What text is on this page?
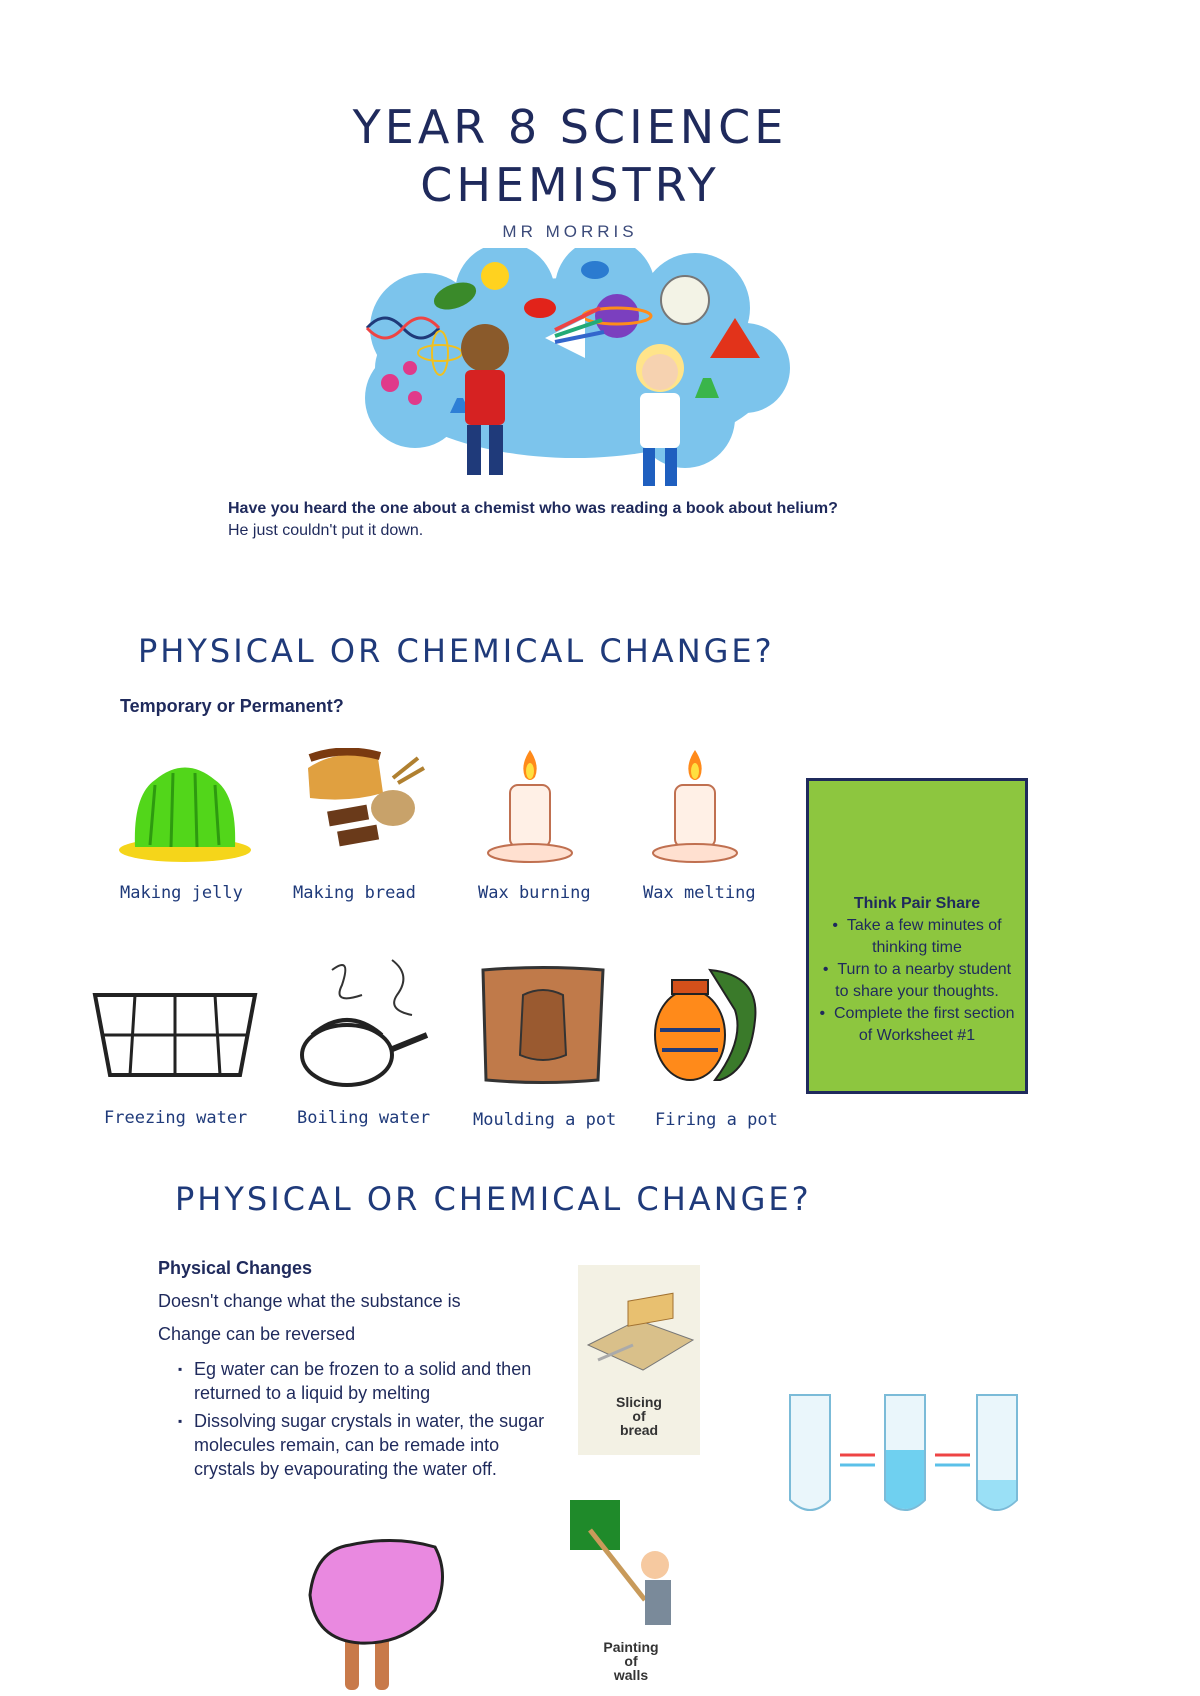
YEAR 8 SCIENCE
CHEMISTRY
MR MORRIS
Have you heard the one about a chemist who was reading a book about helium?
He just couldn't put it down.
PHYSICAL OR CHEMICAL CHANGE?
Temporary or Permanent?
Making jelly	Making bread	Wax burning	Wax melting
Freezing water	Boiling water	Moulding a pot Firing a pot
Think Pair Share
•  Take a few minutes of thinking time
•  Turn to a nearby student to share your thoughts.
•  Complete the first section of Worksheet #1
PHYSICAL OR CHEMICAL CHANGE?

Physical Changes

Doesn't change what the substance is

Change can be reversed

▪ Eg water can be frozen to a solid and then returned to a liquid by melting
▪ Dissolving sugar crystals in water, the sugar molecules remain, can be remade into crystals by evapourating the water off.
Slicing
of
bread
Painting
of
walls
